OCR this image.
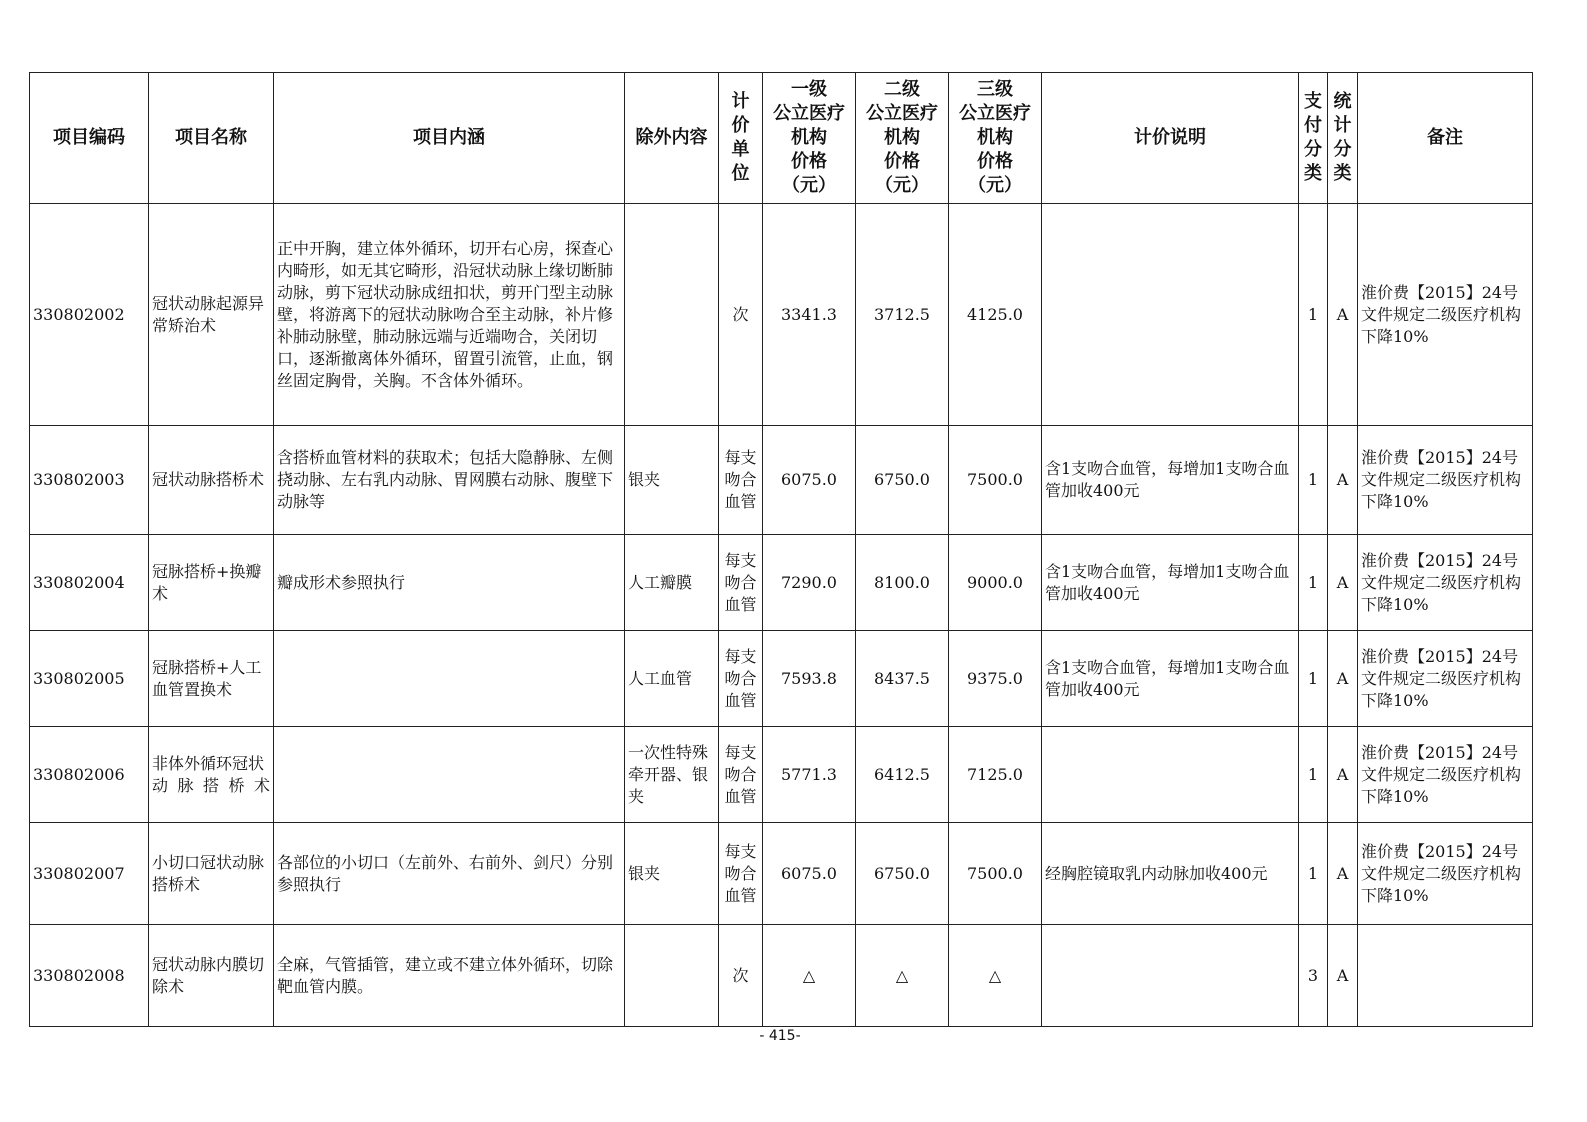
项目编码	项目名称	项目内涵	除外内容	计价单位	一级
公立医疗
机构
价格
（元）	二级
公立医疗
机构
价格
（元）	三级
公立医疗
机构
价格
（元）	计价说明	支付分类	统计分类	备注
330802002	冠状动脉起源异常矫治术	正中开胸，建立体外循环，切开右心房，探查心内畸形，如无其它畸形，沿冠状动脉上缘切断肺动脉，剪下冠状动脉成纽扣状，剪开门型主动脉壁，将游离下的冠状动脉吻合至主动脉，补片修补肺动脉壁，肺动脉远端与近端吻合，关闭切口，逐渐撤离体外循环，留置引流管，止血，钢丝固定胸骨，关胸。不含体外循环。		次	3341.3	3712.5	4125.0		1	A	淮价费【2015】24号文件规定二级医疗机构下降10%
330802003	冠状动脉搭桥术	含搭桥血管材料的获取术；包括大隐静脉、左侧挠动脉、左右乳内动脉、胃网膜右动脉、腹壁下动脉等	银夹	每支吻合血管	6075.0	6750.0	7500.0	含1支吻合血管，每增加1支吻合血管加收400元	1	A	淮价费【2015】24号文件规定二级医疗机构下降10%
330802004	冠脉搭桥+换瓣术	瓣成形术参照执行	人工瓣膜	每支吻合血管	7290.0	8100.0	9000.0	含1支吻合血管，每增加1支吻合血管加收400元	1	A	淮价费【2015】24号文件规定二级医疗机构下降10%
330802005	冠脉搭桥+人工血管置换术		人工血管	每支吻合血管	7593.8	8437.5	9375.0	含1支吻合血管，每增加1支吻合血管加收400元	1	A	淮价费【2015】24号文件规定二级医疗机构下降10%
330802006	非体外循环冠状动脉搭桥术		一次性特殊牵开器、银夹	每支吻合血管	5771.3	6412.5	7125.0		1	A	淮价费【2015】24号文件规定二级医疗机构下降10%
330802007	小切口冠状动脉搭桥术	各部位的小切口（左前外、右前外、剑尺）分别参照执行	银夹	每支吻合血管	6075.0	6750.0	7500.0	经胸腔镜取乳内动脉加收400元	1	A	淮价费【2015】24号文件规定二级医疗机构下降10%
330802008	冠状动脉内膜切除术	全麻，气管插管，建立或不建立体外循环，切除靶血管内膜。		次	△	△	△		3	A	
- 415-
